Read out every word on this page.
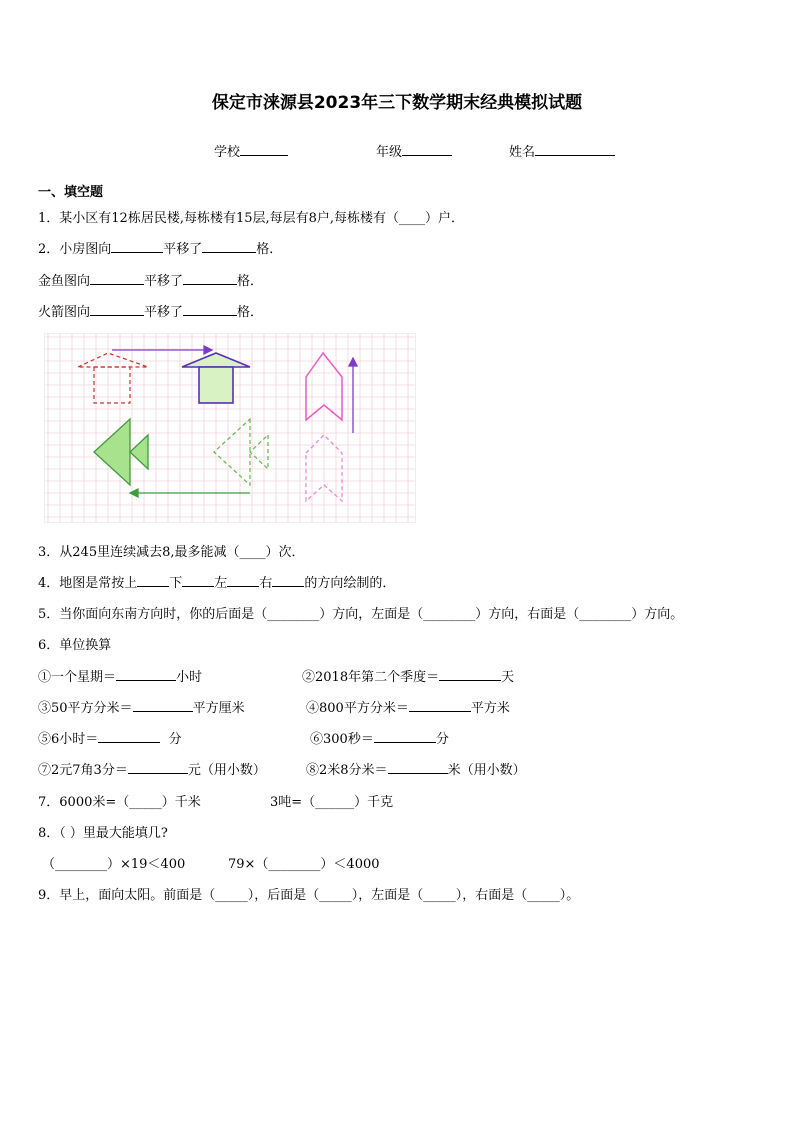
保定市涞源县2023年三下数学期末经典模拟试题
学校	年级	姓名
一、填空题
1．某小区有12栋居民楼,每栋楼有15层,每层有8户,每栋楼有（____）户．
2．小房图向	平移了	格．
金鱼图向	平移了	格．
火箭图向	平移了	格．
3．从245里连续减去8,最多能减（____）次．
4．地图是常按上 下 左 右 的方向绘制的．
5．当你面向东南方向时，你的后面是（________）方向，左面是（________）方向，右面是（________）方向。
6．单位换算
①一个星期＝	小时	②2018年第二个季度＝	天
③50平方分米＝	平方厘米	④800平方分米＝	平方米
⑤6小时＝	分	⑥300秒＝	分
⑦2元7角3分＝	元（用小数）	⑧2米8分米＝	米（用小数）
7．6000米=（_____）千米	3吨=（______）千克
8．（ ）里最大能填几?
（________）×19＜400	79×（________）＜4000
9．早上，面向太阳。前面是（_____），后面是（_____），左面是（_____），右面是（_____）。
